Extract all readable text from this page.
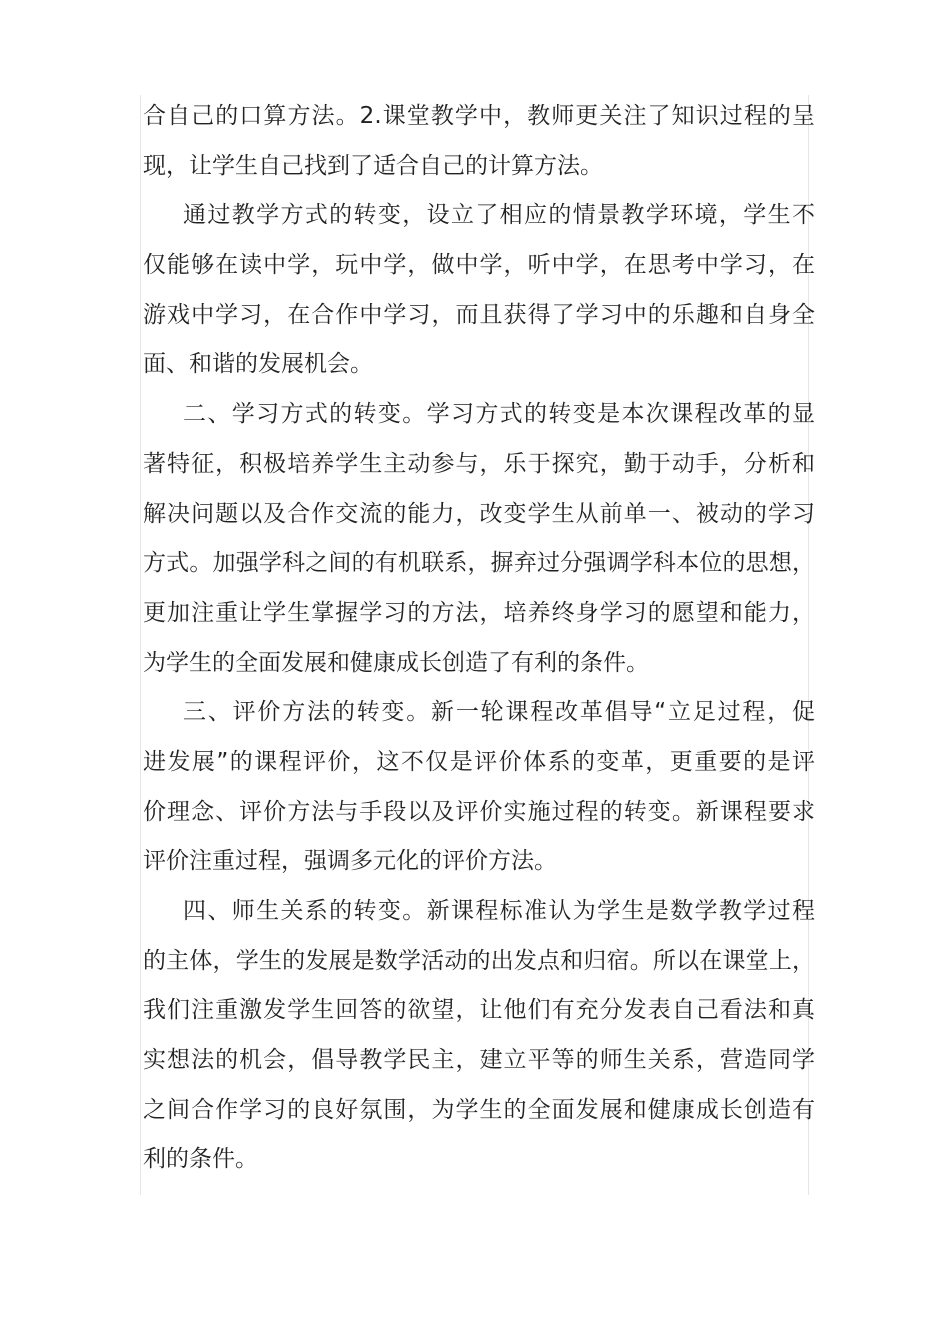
合自己的口算方法。2.课堂教学中，教师更关注了知识过程的呈
现，让学生自己找到了适合自己的计算方法。
通过教学方式的转变，设立了相应的情景教学环境，学生不
仅能够在读中学，玩中学，做中学，听中学，在思考中学习，在
游戏中学习，在合作中学习，而且获得了学习中的乐趣和自身全
面、和谐的发展机会。
二、学习方式的转变。学习方式的转变是本次课程改革的显
著特征，积极培养学生主动参与，乐于探究，勤于动手，分析和
解决问题以及合作交流的能力，改变学生从前单一、被动的学习
方式。加强学科之间的有机联系，摒弃过分强调学科本位的思想，
更加注重让学生掌握学习的方法，培养终身学习的愿望和能力，
为学生的全面发展和健康成长创造了有利的条件。
三、评价方法的转变。新一轮课程改革倡导“立足过程，促
进发展”的课程评价，这不仅是评价体系的变革，更重要的是评
价理念、评价方法与手段以及评价实施过程的转变。新课程要求
评价注重过程，强调多元化的评价方法。
四、师生关系的转变。新课程标准认为学生是数学教学过程
的主体，学生的发展是数学活动的出发点和归宿。所以在课堂上，
我们注重激发学生回答的欲望，让他们有充分发表自己看法和真
实想法的机会，倡导教学民主，建立平等的师生关系，营造同学
之间合作学习的良好氛围，为学生的全面发展和健康成长创造有
利的条件。
